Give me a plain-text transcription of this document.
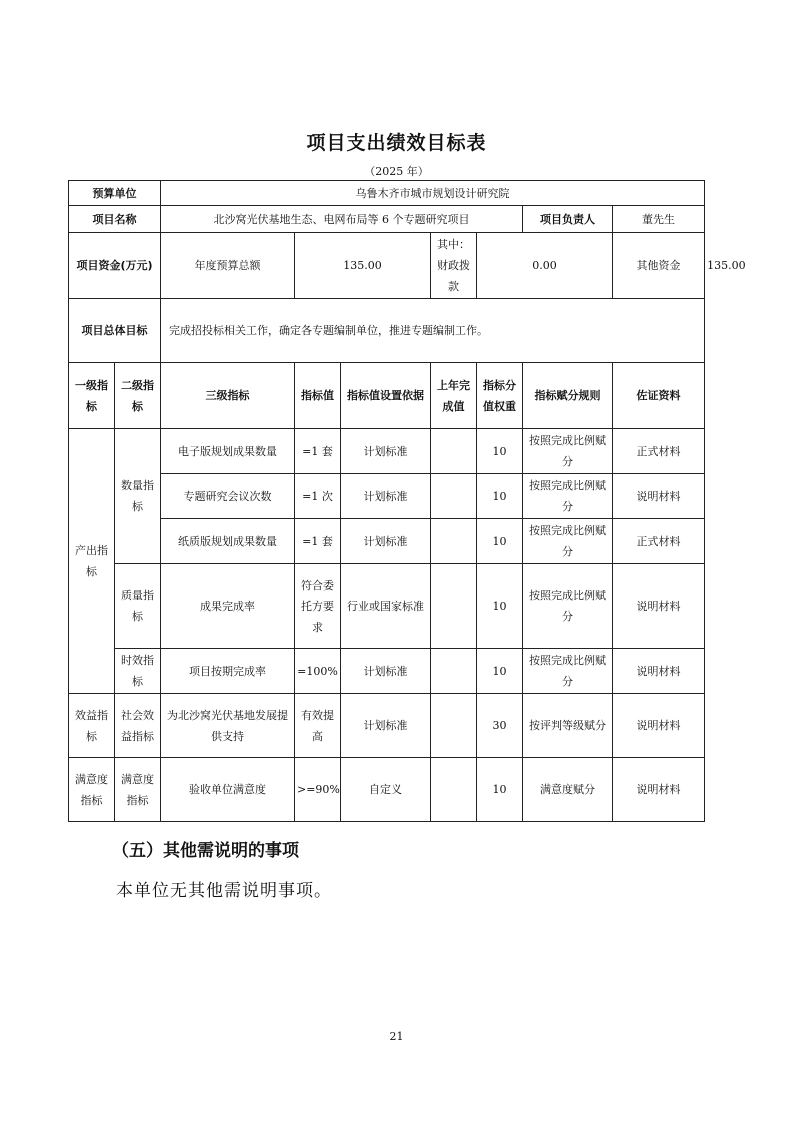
项目支出绩效目标表
（2025 年）
预算单位		乌鲁木齐市城市规划设计研究院							
项目名称		北沙窝光伏基地生态、电网布局等 6 个专题研究项目					项目负责人	董先生	
项目资金(万元)		年度预算总额	135.00		其中：财政拨款	0.00		其他资金	135.00
项目总体目标		完成招投标相关工作，确定各专题编制单位，推进专题编制工作。							
一级指标	二级指标	三级指标	指标值	指标值设置依据	上年完成值	指标分值权重	指标赋分规则	佐证资料	
产出指标	数量指标	电子版规划成果数量	=1 套	计划标准		10	按照完成比例赋分	正式材料	
		专题研究会议次数	=1 次	计划标准		10	按照完成比例赋分	说明材料	
		纸质版规划成果数量	=1 套	计划标准		10	按照完成比例赋分	正式材料	
	质量指标	成果完成率	符合委托方要求	行业或国家标准		10	按照完成比例赋分	说明材料	
	时效指标	项目按期完成率	=100%	计划标准		10	按照完成比例赋分	说明材料	
效益指标	社会效益指标	为北沙窝光伏基地发展提供支持	有效提高	计划标准		30	按评判等级赋分	说明材料	
满意度指标	满意度指标	验收单位满意度	>=90%	自定义		10	满意度赋分	说明材料	
（五）其他需说明的事项
本单位无其他需说明事项。
21
